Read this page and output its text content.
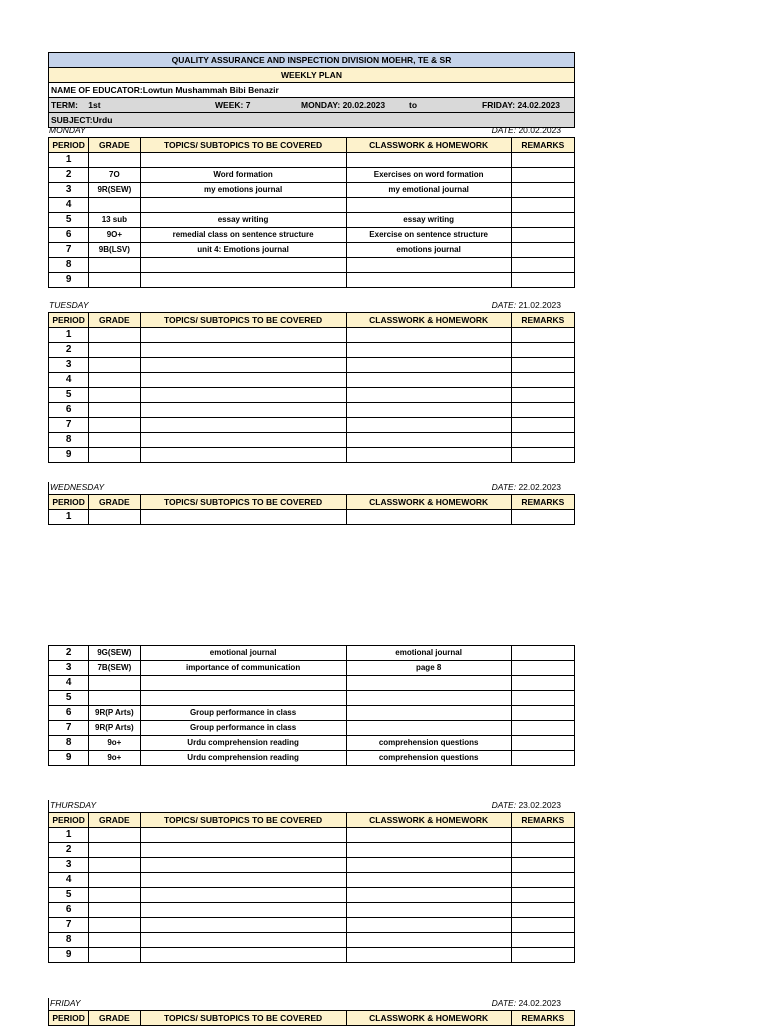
QUALITY ASSURANCE AND INSPECTION DIVISION MOEHR, TE & SR
WEEKLY PLAN
NAME OF EDUCATOR:Lowtun Mushammah Bibi Benazir
TERM: 1st	WEEK: 7	MONDAY: 20.02.2023	to	FRIDAY: 24.02.2023

SUBJECT:Urdu
MONDAY	DATE: 20.02.2023
PERIOD	GRADE	TOPICS/ SUBTOPICS TO BE COVERED	CLASSWORK & HOMEWORK	REMARKS
1				
2	7O	Word formation	Exercises on word formation	
3	9R(SEW)	my emotions journal	my emotional journal	
4				
5	13 sub	essay writing	essay writing	
6	9O+	remedial class on sentence structure	Exercise on sentence structure	
7	9B(LSV)	unit 4: Emotions journal	emotions journal	
8				
9				
TUESDAY	DATE: 21.02.2023
PERIOD	GRADE	TOPICS/ SUBTOPICS TO BE COVERED	CLASSWORK & HOMEWORK	REMARKS
1				
2				
3				
4				
5				
6				
7				
8				
9				
WEDNESDAY	DATE: 22.02.2023
PERIOD	GRADE	TOPICS/ SUBTOPICS TO BE COVERED	CLASSWORK & HOMEWORK	REMARKS
1				
2	9G(SEW)	emotional journal	emotional journal	
3	7B(SEW)	importance of communication	page 8	
4				
5				
6	9R(P Arts)	Group performance in class		
7	9R(P Arts)	Group performance in class		
8	9o+	Urdu comprehension reading	comprehension questions	
9	9o+	Urdu comprehension reading	comprehension questions	
THURSDAY	DATE: 23.02.2023
PERIOD	GRADE	TOPICS/ SUBTOPICS TO BE COVERED	CLASSWORK & HOMEWORK	REMARKS
1				
2				
3				
4				
5				
6				
7				
8				
9				
FRIDAY	DATE: 24.02.2023
PERIOD	GRADE	TOPICS/ SUBTOPICS TO BE COVERED	CLASSWORK & HOMEWORK	REMARKS
